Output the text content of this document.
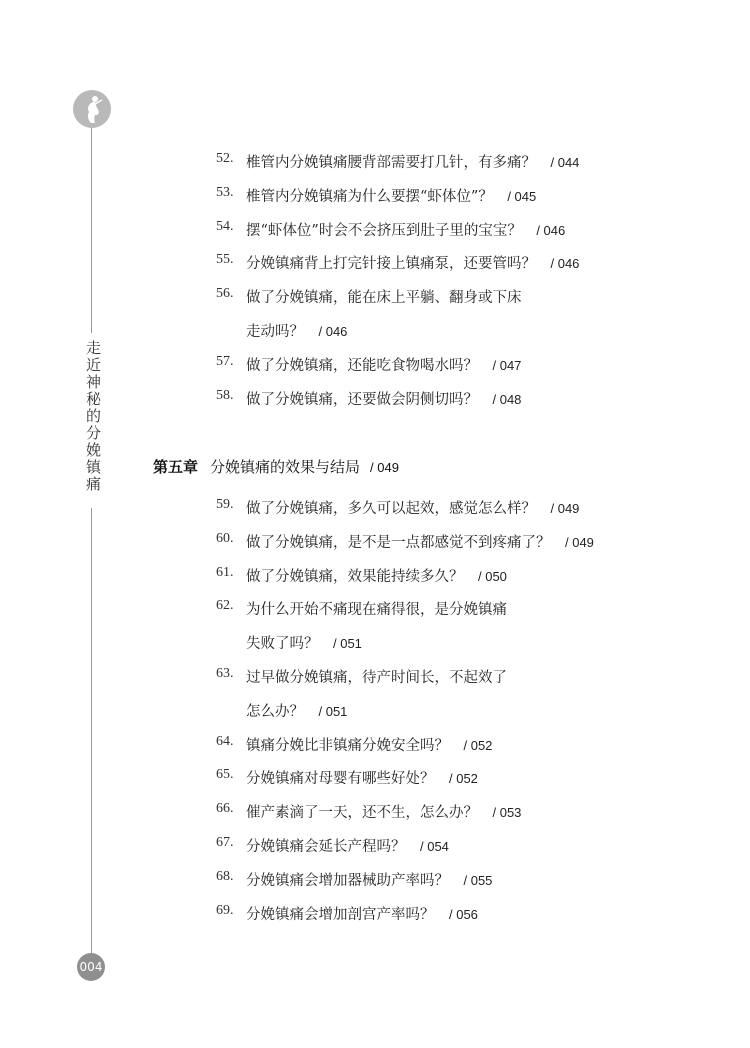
走近神秘的分娩镇痛
004
52. 椎管内分娩镇痛腰背部需要打几针，有多痛？  / 044
53. 椎管内分娩镇痛为什么要摆“虾体位”？  / 045
54. 摆“虾体位”时会不会挤压到肚子里的宝宝？  / 046
55. 分娩镇痛背上打完针接上镇痛泵，还要管吗？  / 046
56. 做了分娩镇痛，能在床上平躺、翻身或下床
走动吗？  / 046
57. 做了分娩镇痛，还能吃食物喝水吗？  / 047
58. 做了分娩镇痛，还要做会阴侧切吗？  / 048
59. 做了分娩镇痛，多久可以起效，感觉怎么样？  / 049
60. 做了分娩镇痛，是不是一点都感觉不到疼痛了？  / 049
61. 做了分娩镇痛，效果能持续多久？  / 050
62. 为什么开始不痛现在痛得很，是分娩镇痛
失败了吗？  / 051
63. 过早做分娩镇痛，待产时间长，不起效了
怎么办？  / 051
64. 镇痛分娩比非镇痛分娩安全吗？  / 052
65. 分娩镇痛对母婴有哪些好处？  / 052
66. 催产素滴了一天，还不生，怎么办？  / 053
67. 分娩镇痛会延长产程吗？  / 054
68. 分娩镇痛会增加器械助产率吗？  / 055
69. 分娩镇痛会增加剖宫产率吗？  / 056
第五章 分娩镇痛的效果与结局 / 049
